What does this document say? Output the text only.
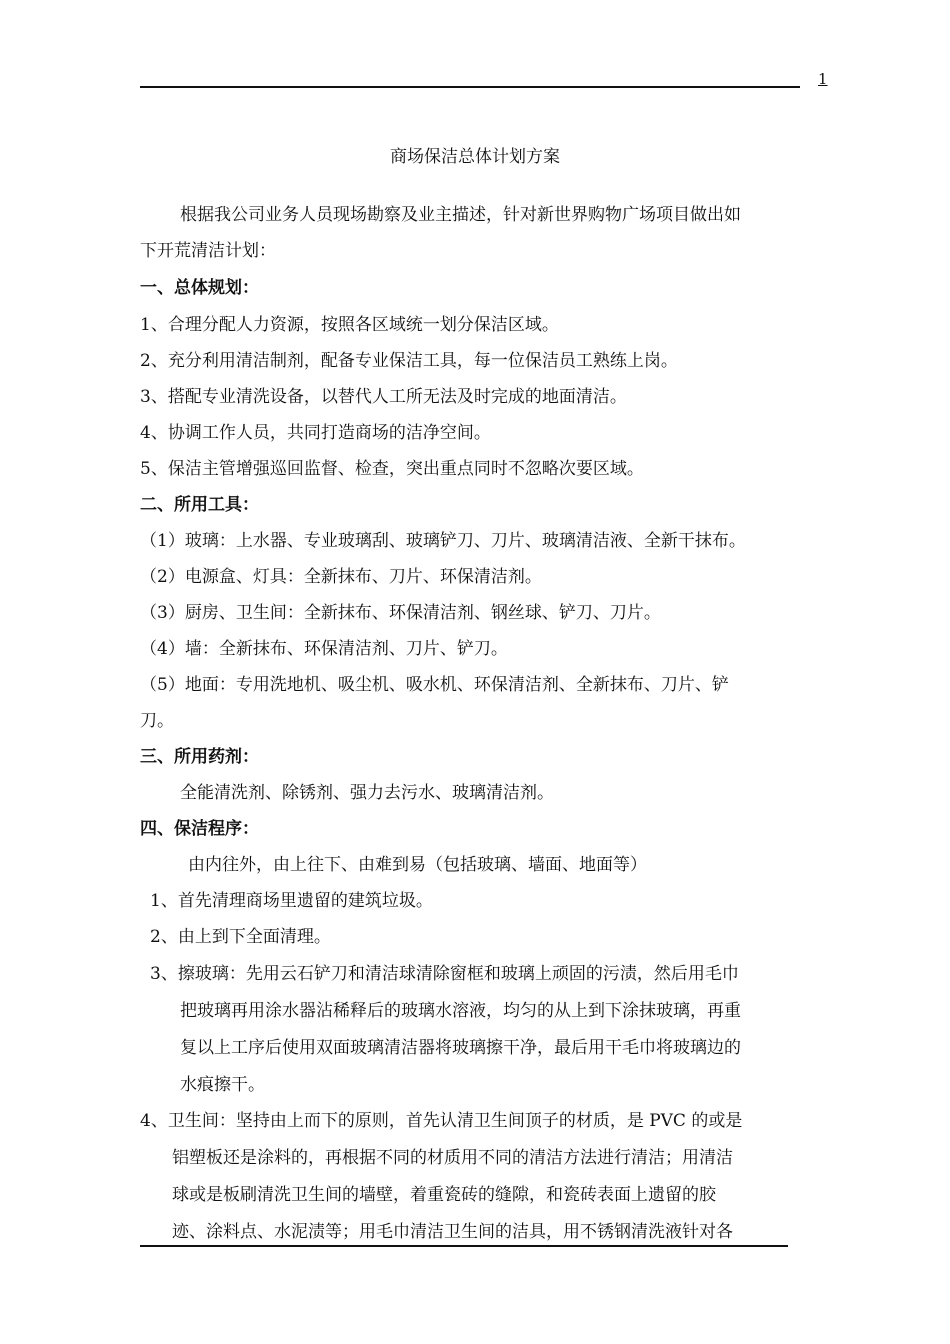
1
商场保洁总体计划方案
根据我公司业务人员现场勘察及业主描述，针对新世界购物广场项目做出如
下开荒清洁计划：
一、总体规划：
1、合理分配人力资源，按照各区域统一划分保洁区域。
2、充分利用清洁制剂，配备专业保洁工具，每一位保洁员工熟练上岗。
3、搭配专业清洗设备，以替代人工所无法及时完成的地面清洁。
4、协调工作人员，共同打造商场的洁净空间。
5、保洁主管增强巡回监督、检查，突出重点同时不忽略次要区域。
二、所用工具：
（1）玻璃：上水器、专业玻璃刮、玻璃铲刀、刀片、玻璃清洁液、全新干抹布。
（2）电源盒、灯具：全新抹布、刀片、环保清洁剂。
（3）厨房、卫生间：全新抹布、环保清洁剂、钢丝球、铲刀、刀片。
（4）墙：全新抹布、环保清洁剂、刀片、铲刀。
（5）地面：专用洗地机、吸尘机、吸水机、环保清洁剂、全新抹布、刀片、铲
刀。
三、所用药剂：
全能清洗剂、除锈剂、强力去污水、玻璃清洁剂。
四、保洁程序：
由内往外，由上往下、由难到易（包括玻璃、墙面、地面等）
1、首先清理商场里遗留的建筑垃圾。
2、由上到下全面清理。
3、擦玻璃：先用云石铲刀和清洁球清除窗框和玻璃上顽固的污渍，然后用毛巾
把玻璃再用涂水器沾稀释后的玻璃水溶液，均匀的从上到下涂抹玻璃，再重
复以上工序后使用双面玻璃清洁器将玻璃擦干净，最后用干毛巾将玻璃边的
水痕擦干。
4、卫生间：坚持由上而下的原则，首先认清卫生间顶子的材质，是 PVC 的或是
铝塑板还是涂料的，再根据不同的材质用不同的清洁方法进行清洁；用清洁
球或是板刷清洗卫生间的墙壁，着重瓷砖的缝隙，和瓷砖表面上遗留的胶
迹、涂料点、水泥渍等；用毛巾清洁卫生间的洁具，用不锈钢清洗液针对各
